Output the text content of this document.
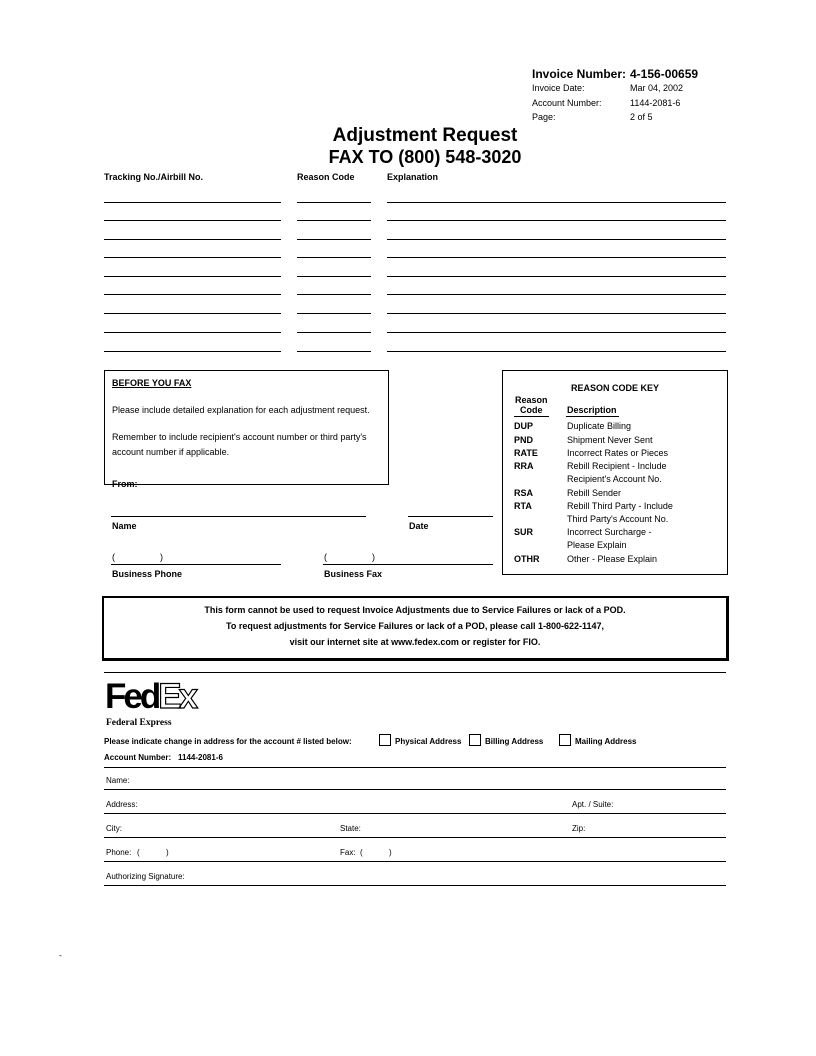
Invoice Number: 4-156-00659
Invoice Date:	Mar 04, 2002
Account Number:	1144-2081-6
Page:	2 of 5
Adjustment Request
FAX TO (800) 548-3020
Tracking No./Airbill No.	Reason Code	Explanation
BEFORE YOU FAX
Please include detailed explanation for each adjustment request.
Remember to include recipient's account number or third party's
account number if applicable.
From:
Name	Date
(	)	(	)
Business Phone	Business Fax
REASON CODE KEY
Reason
Code	Description
DUP	Duplicate Billing
PND	Shipment Never Sent
RATE	Incorrect Rates or Pieces
RRA	Rebill Recipient - Include
Recipient's Account No.
RSA	Rebill Sender
RTA	Rebill Third Party - Include
Third Party's Account No.
SUR	Incorrect Surcharge -
Please Explain
OTHR	Other - Please Explain
This form cannot be used to request Invoice Adjustments due to Service Failures or lack of a POD.
To request adjustments for Service Failures or lack of a POD, please call 1-800-622-1147,
visit our internet site at www.fedex.com or register for FIO.
FedEx
Federal Express
Please indicate change in address for the account # listed below:	Physical Address	Billing Address	Mailing Address
Account Number: 1144-2081-6
Name:
Address:	Apt. / Suite:
City:	State:	Zip:
Phone: (	)	Fax: (	)
Authorizing Signature:
-
